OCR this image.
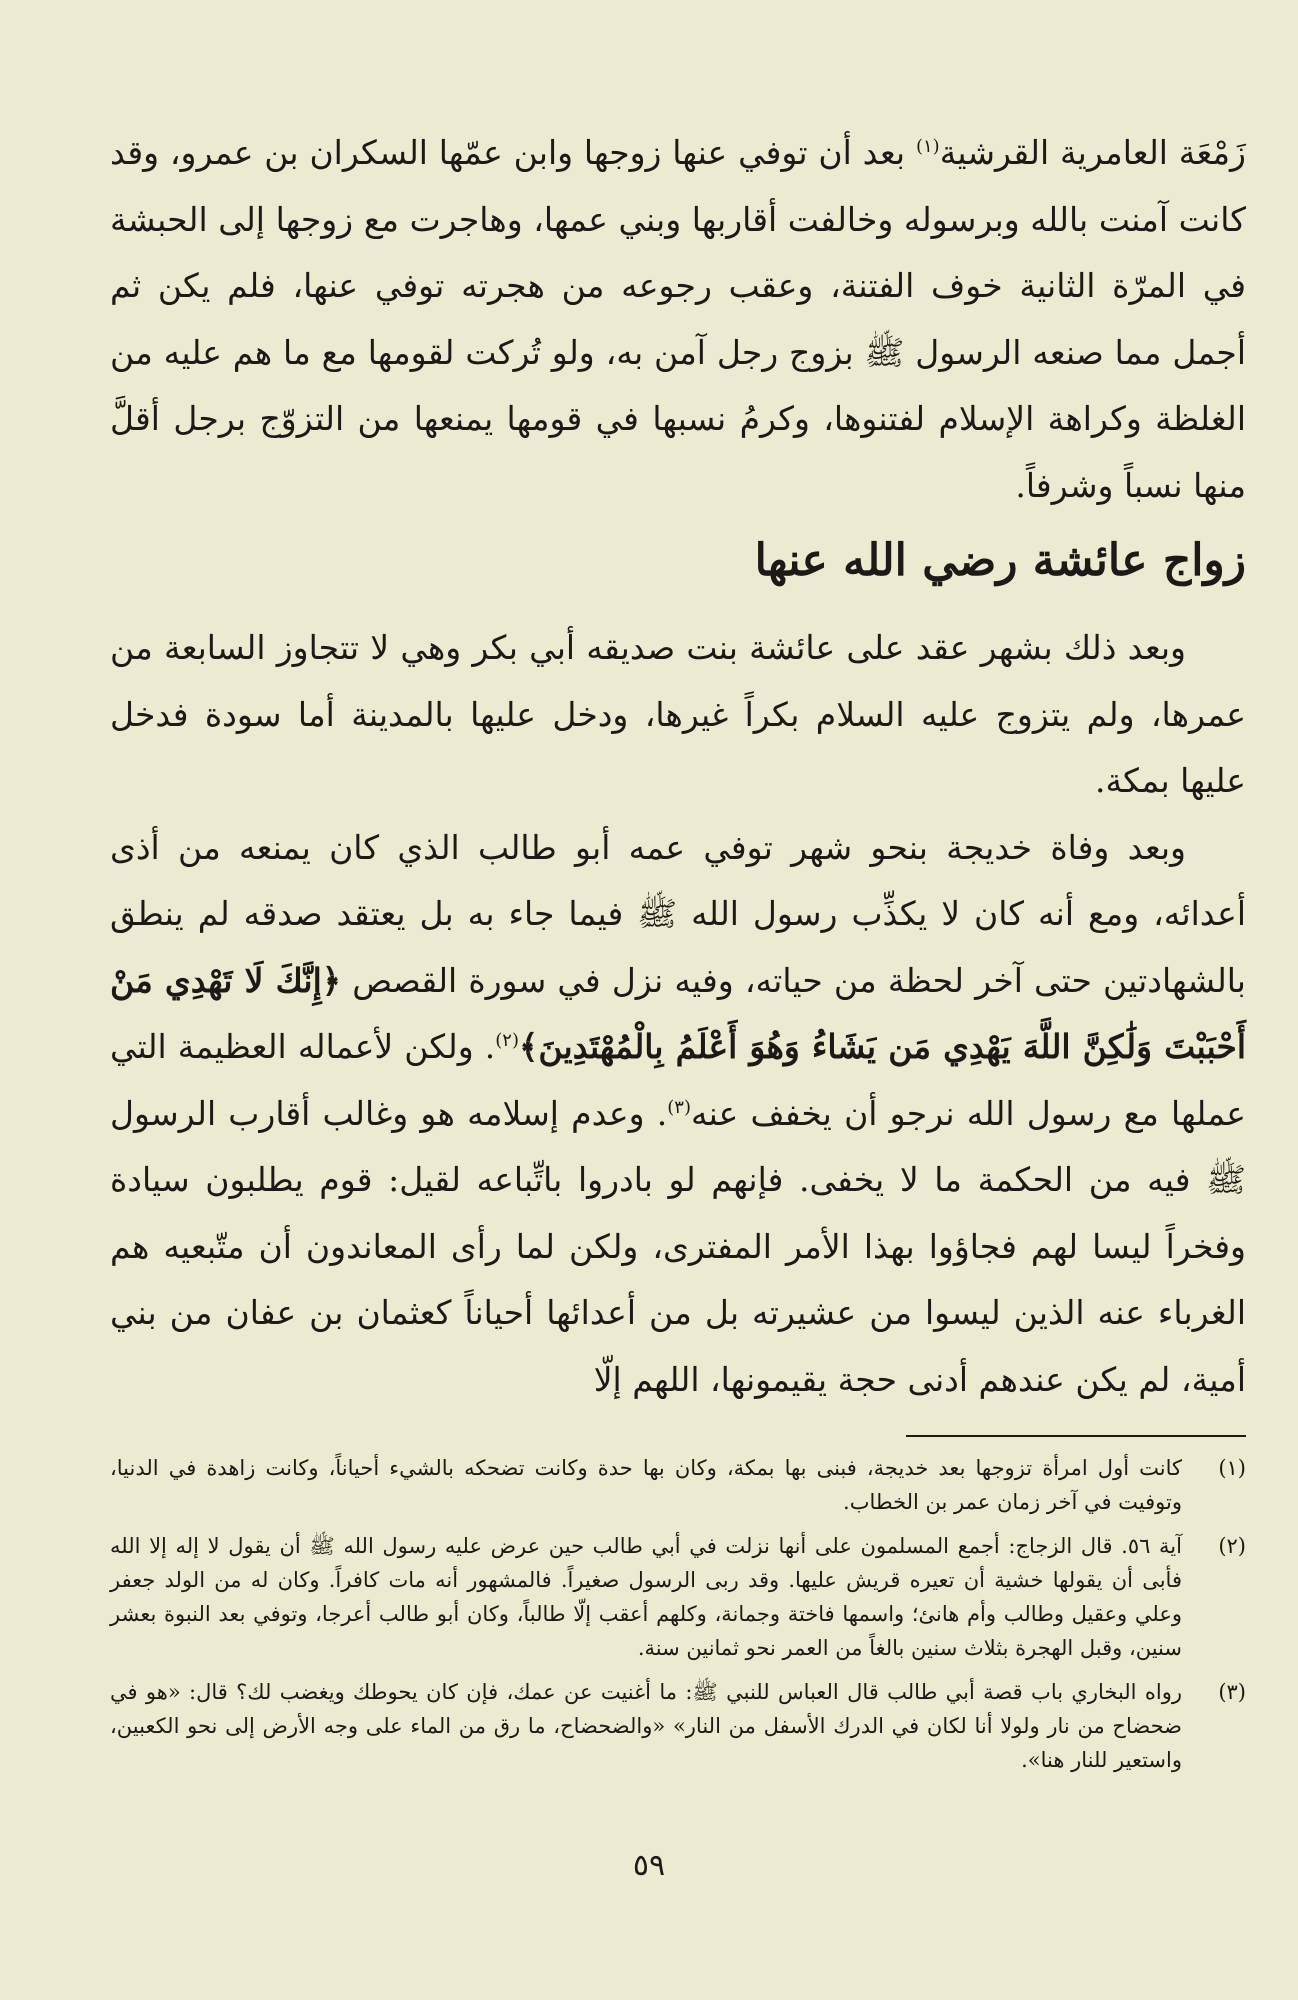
زَمْعَة العامرية القرشية$^{(١)}$ بعد أن توفي عنها زوجها وابن عمّها السكران بن عمرو، وقد كانت آمنت بالله وبرسوله وخالفت أقاربها وبني عمها، وهاجرت مع زوجها إلى الحبشة في المرّة الثانية خوف الفتنة، وعقب رجوعه من هجرته توفي عنها، فلم يكن ثم أجمل مما صنعه الرسول ﷺ بزوج رجل آمن به، ولو تُركت لقومها مع ما هم عليه من الغلظة وكراهة الإسلام لفتنوها، وكرمُ نسبها في قومها يمنعها من التزوّج برجل أقلَّ منها نسباً وشرفاً.

زواج عائشة رضي الله عنها

وبعد ذلك بشهر عقد على عائشة بنت صديقه أبي بكر وهي لا تتجاوز السابعة من عمرها، ولم يتزوج عليه السلام بكراً غيرها، ودخل عليها بالمدينة أما سودة فدخل عليها بمكة.

وبعد وفاة خديجة بنحو شهر توفي عمه أبو طالب الذي كان يمنعه من أذى أعدائه، ومع أنه كان لا يكذِّب رسول الله ﷺ فيما جاء به بل يعتقد صدقه لم ينطق بالشهادتين حتى آخر لحظة من حياته، وفيه نزل في سورة القصص ﴿إِنَّكَ لَا تَهْدِي مَنْ أَحْبَبْتَ وَلَٰكِنَّ اللَّهَ يَهْدِي مَن يَشَاءُ وَهُوَ أَعْلَمُ بِالْمُهْتَدِينَ﴾$^{(٢)}$. ولكن لأعماله العظيمة التي عملها مع رسول الله نرجو أن يخفف عنه$^{(٣)}$. وعدم إسلامه هو وغالب أقارب الرسول ﷺ فيه من الحكمة ما لا يخفى. فإنهم لو بادروا باتِّباعه لقيل: قوم يطلبون سيادة وفخراً ليسا لهم فجاؤوا بهذا الأمر المفترى، ولكن لما رأى المعاندون أن متّبعيه هم الغرباء عنه الذين ليسوا من عشيرته بل من أعدائها أحياناً كعثمان بن عفان من بني أمية، لم يكن عندهم أدنى حجة يقيمونها، اللهم إلّا

(١)
كانت أول امرأة تزوجها بعد خديجة، فبنى بها بمكة، وكان بها حدة وكانت تضحكه بالشيء أحياناً، وكانت زاهدة في الدنيا، وتوفيت في آخر زمان عمر بن الخطاب.
(٢)
آية ٥٦. قال الزجاج: أجمع المسلمون على أنها نزلت في أبي طالب حين عرض عليه رسول الله ﷺ أن يقول لا إله إلا الله فأبى أن يقولها خشية أن تعيره قريش عليها. وقد ربى الرسول صغيراً. فالمشهور أنه مات كافراً. وكان له من الولد جعفر وعلي وعقيل وطالب وأم هانئ؛ واسمها فاختة وجمانة، وكلهم أعقب إلّا طالباً، وكان أبو طالب أعرجا، وتوفي بعد النبوة بعشر سنين، وقبل الهجرة بثلاث سنين بالغاً من العمر نحو ثمانين سنة.
(٣)
رواه البخاري باب قصة أبي طالب قال العباس للنبي ﷺ: ما أغنيت عن عمك، فإن كان يحوطك ويغضب لك؟ قال: «هو في ضحضاح من نار ولولا أنا لكان في الدرك الأسفل من النار» «والضحضاح، ما رق من الماء على وجه الأرض إلى نحو الكعبين، واستعير للنار هنا».
٥٩
